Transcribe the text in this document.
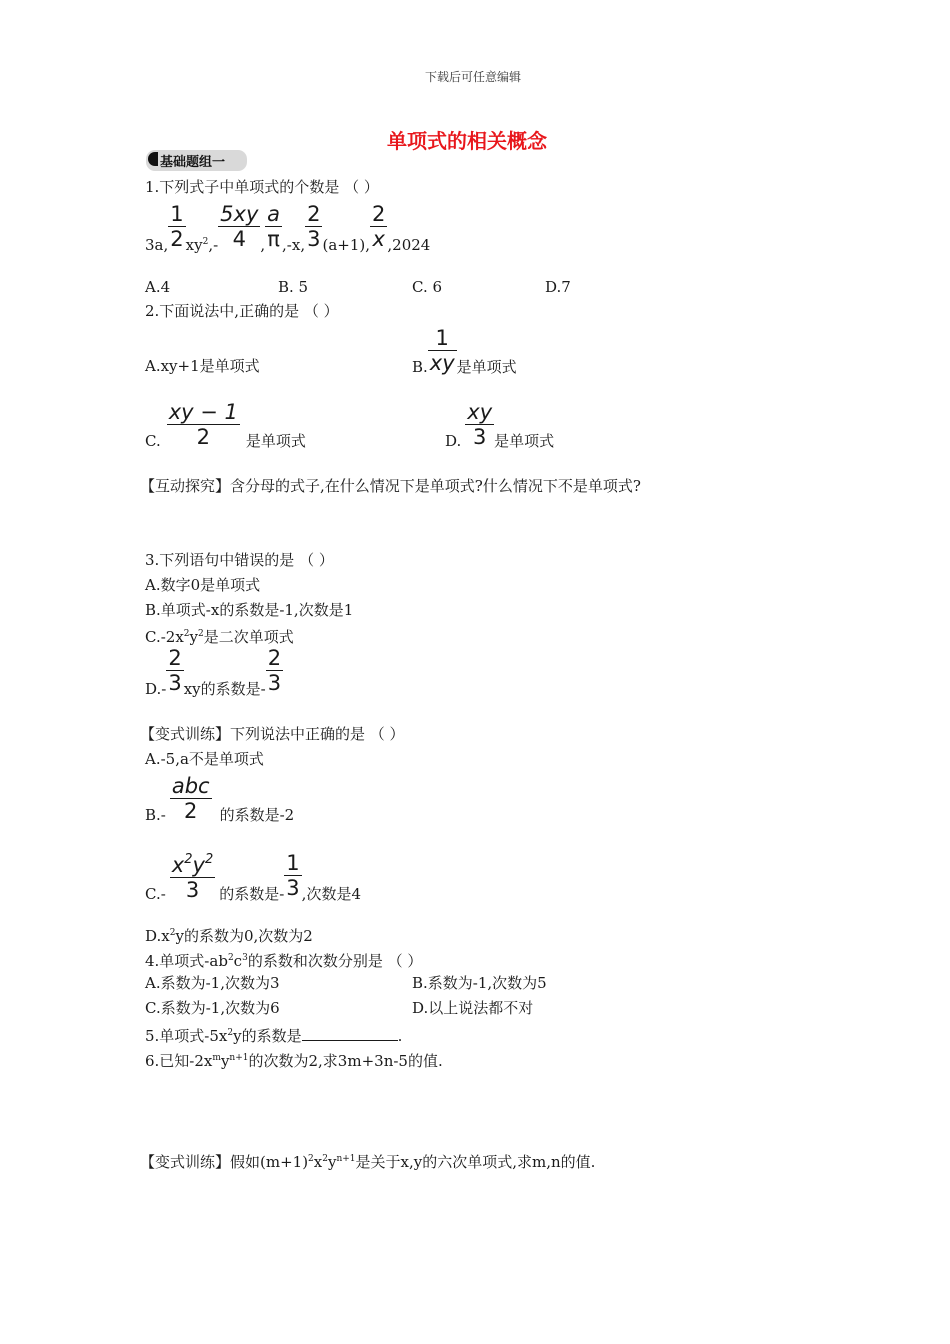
下载后可任意编辑
单项式的相关概念
基础题组一
1.下列式子中单项式的个数是 （ ）
3a,
1
2 $xy^2$ ,-
5xy
4 ,
a
π ,-x,
2
3 (a+1),
2
x ,2024
A.4	B. 5	C. 6	D.7
2.下面说法中,正确的是 （ ）
A.xy+1是单项式	B.
1
xy 是单项式
C.
xy − 1
2 是单项式	D.
xy
3 是单项式
【互动探究】含分母的式子,在什么情况下是单项式?什么情况下不是单项式?
3.下列语句中错误的是 （ ）
A.数字0是单项式
B.单项式-x的系数是-1,次数是1
$C.-2x^2y^2$是二次单项式
D.-
2
3 xy的系数是-
2
3
【变式训练】下列说法中正确的是 （ ）
A.-5,a不是单项式
B.-
abc
2 的系数是-2
C.-
$x^2y^2$
3 的系数是-
1
3 ,次数是4
$D.x^2y$的系数为0,次数为2
4.单项式$-ab^2c^3$的系数和次数分别是 （ ）
A.系数为-1,次数为3	B.系数为-1,次数为5
C.系数为-1,次数为6	D.以上说法都不对
5.单项式$-5x^2y$的系数是	.
6.已知$-2x^my^{n+1}$的次数为2,求3m+3n-5的值.
【变式训练】假如$(m+1)^2x^2y^{n+1}$是关于x,y的六次单项式,求m,n的值.
